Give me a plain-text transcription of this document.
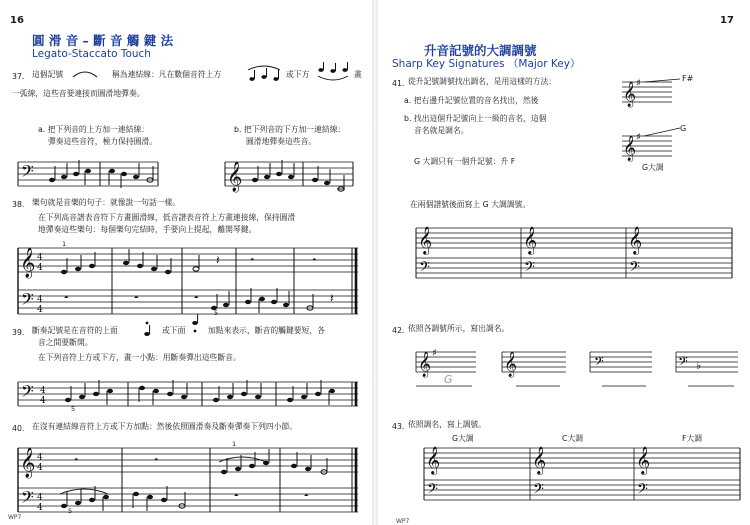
16
圓 滑 音 – 斷 音 觸 鍵 法
Legato-Staccato Touch
37. 這個記號	稱為連結線：凡在數個音符上方	或下方	畫
一弧線，這些音要連接而圓滑地彈奏。
a. 把下列音的上方加一連結線：
彈奏這些音符，極力保持圓滑。
b. 把下列音的下方加一連結線：
圓滑地彈奏這些音。
𝄢	𝄞
38. 樂句就是音樂的句子：就像說一句話一樣。
在下列高音譜表音符下方畫圓滑線，低音譜表音符上方畫連接線，保持圓滑
地彈奏這些樂句：每個樂句完結時，手要向上提起，離開琴鍵。
𝄞
𝄢
4
4
4
4
𝄽	𝄼	𝄼
𝄼	𝄼	𝄼	𝄽
1
5
39. 斷奏記號是在音符的上面	或下面	加點來表示，斷音的觸鍵要短，各
音之間要斷開。
在下列音符上方或下方，畫一小點：用斷奏彈出這些斷音。
𝄢 4
4
5
40. 在沒有連結線音符上方或下方加點：然後依照圓滑奏及斷奏彈奏下列四小節。
𝄞
𝄢
4
4
4
4
𝄼	𝄼
𝄼	𝄼
1
5
WP7
17
升音記號的大調調號
Sharp Key Signatures （Major Key）
41. 從升記號調號找出調名，是用這樣的方法：
a. 把右邊升記號位置的音名找出，然後
b. 找出這個升記號向上一級的音名，這個
音名就是調名。
𝄞 ♯	F#
𝄞 ♯
G
G大調
G 大調只有一個升記號：升 F
在兩個譜號後面寫上 G 大調調號。
𝄞
𝄢
𝄞
𝄢
𝄞
𝄢
42. 依照各調號所示，寫出調名。
𝄞 ♯	𝄞	𝄢	𝄢 ♭
G
43. 依照調名，寫上調號。
G大調	C大調	F大調
𝄞
𝄢
𝄞
𝄢
𝄞
𝄢
WP7
